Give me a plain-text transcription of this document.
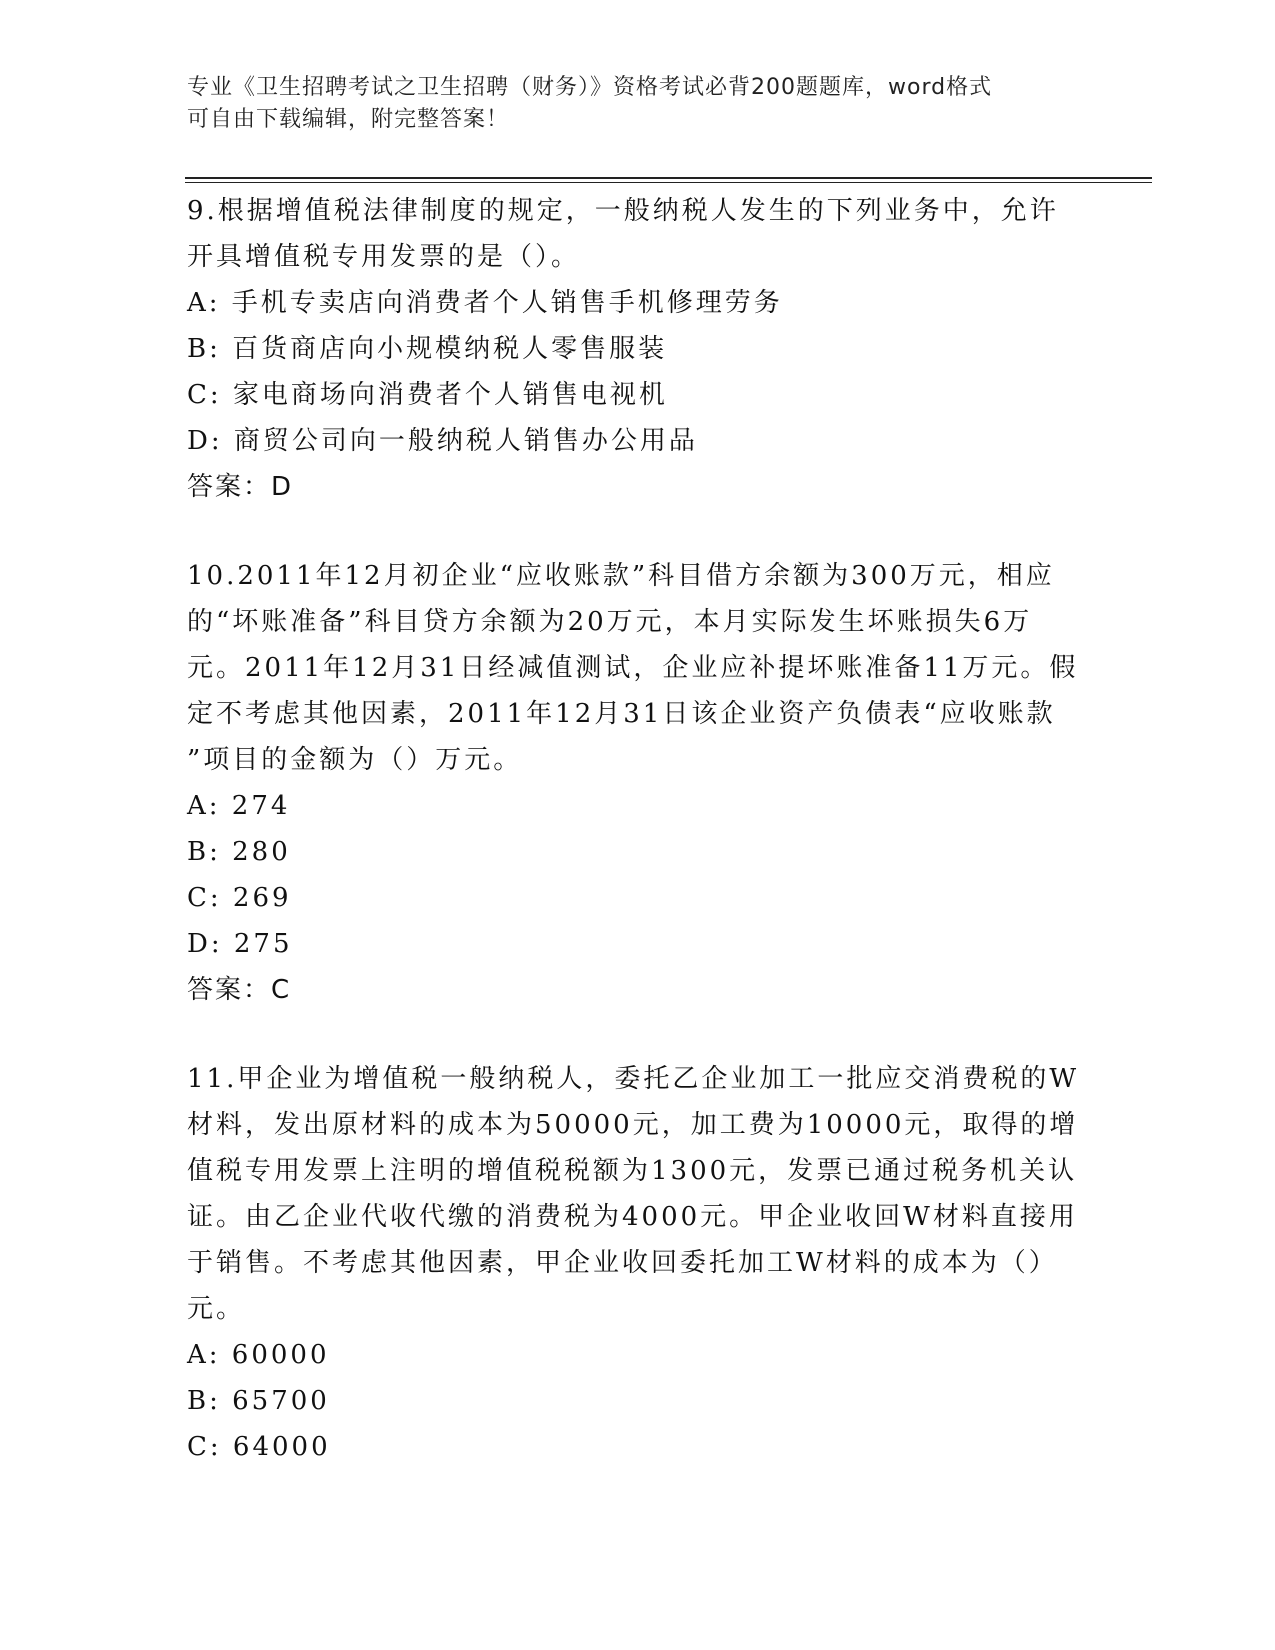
专业《卫生招聘考试之卫生招聘（财务）》资格考试必背200题题库，word格式
可自由下载编辑，附完整答案！
9.根据增值税法律制度的规定，一般纳税人发生的下列业务中，允许
开具增值税专用发票的是（）。
A: 手机专卖店向消费者个人销售手机修理劳务
B: 百货商店向小规模纳税人零售服装
C: 家电商场向消费者个人销售电视机
D: 商贸公司向一般纳税人销售办公用品
答案：D
10.2011年12月初企业“应收账款”科目借方余额为300万元，相应
的“坏账准备”科目贷方余额为20万元，本月实际发生坏账损失6万
元。2011年12月31日经减值测试，企业应补提坏账准备11万元。假
定不考虑其他因素，2011年12月31日该企业资产负债表“应收账款
”项目的金额为（）万元。
A: 274
B: 280
C: 269
D: 275
答案：C
11.甲企业为增值税一般纳税人，委托乙企业加工一批应交消费税的W
材料，发出原材料的成本为50000元，加工费为10000元，取得的增
值税专用发票上注明的增值税税额为1300元，发票已通过税务机关认
证。由乙企业代收代缴的消费税为4000元。甲企业收回W材料直接用
于销售。不考虑其他因素，甲企业收回委托加工W材料的成本为（）
元。
A: 60000
B: 65700
C: 64000
